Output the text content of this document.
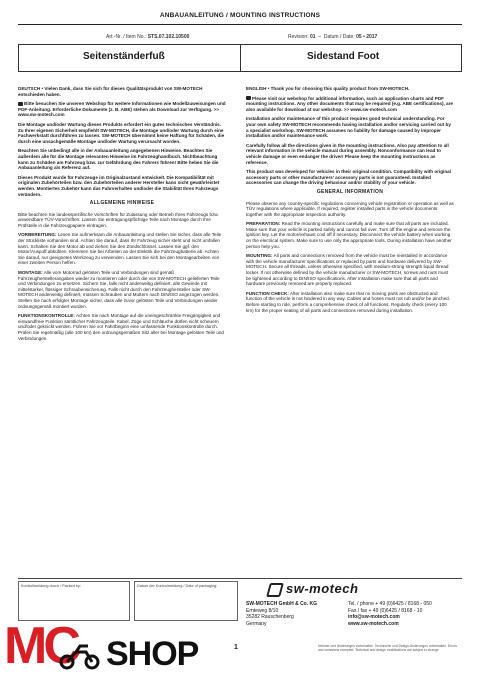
ANBAUANLEITUNG / MOUNTING INSTRUCTIONS
Art.-Nr. / Item No.: STS.07.102.10500	Revision: 01  –  Datum / Date: 05 • 2017
Seitenständerfuß	Sidestand Foot

DEUTSCH • Vielen Dank, dass Sie sich für dieses Qualitätsprodukt von SW-MOTECH entschieden haben.

Bitte besuchen Sie unseren Webshop für weitere Informationen wie Modellzuweisungen und PDF-Anleitung. Erforderliche Dokumente (z. B. ABE) stehen als Download zur Verfügung. >> www.sw-motech.com

Die Montage und/oder Wartung dieses Produkts erfordert ein gutes technisches Verständnis. Zu Ihrer eigenen Sicherheit empfiehlt SW-MOTECH, die Montage und/oder Wartung durch eine Fachwerkstatt durchführen zu lassen. SW-MOTECH übernimmt keine Haftung für Schäden, die durch eine unsachgemäße Montage und/oder Wartung verursacht worden.

Beachten Sie unbedingt alle in der Anbauanleitung angegebenen Hinweise. Beachten Sie außerdem alle für die Montage relevanten Hinweise im Fahrzeughandbuch. Nichtbeachtung kann zu Schäden am Fahrzeug bzw. zur Gefährdung des Fahrers führen! Bitte heben Sie die Anbauanleitung als Referenz auf.

Dieses Produkt wurde für Fahrzeuge im Originalzustand entwickelt. Die Kompatibilität mit originalen Zubehörteilen bzw. den Zubehörteilen anderer Hersteller kann nicht gewährleistet werden. Montiertes Zubehör kann das Fahrverhalten und/oder die Stabilität Ihres Fahrzeugs verändern.

ALLGEMEINE HINWEISE

Bitte beachten Sie landesspezifische Vorschriften für Zulassung oder Betrieb Ihres Fahrzeugs bzw. anwendbare TÜV-Vorschriften. Lassen Sie eintragungspflichtige Teile nach Montage durch Ihre Prüfstelle in die Fahrzeugpapiere eintragen.

VORBEREITUNG: Lesen Sie aufmerksam die Anbauanleitung und stellen Sie sicher, dass alle Teile der Stückliste vorhanden sind. Achten Sie darauf, dass Ihr Fahrzeug sicher steht und nicht umfallen kann. Schalten Sie den Motor ab und ziehen Sie den Zündschlüssel. Lassen Sie ggf. den Motor/Auspuff abkühlen. Klemmen Sie bei Arbeiten an der Elektrik die Fahrzeugbatterie ab. Achten Sie darauf, nur geeignetes Werkzeug zu verwenden. Lassen Sie sich bei den Montagearbeiten von einer zweiten Person helfen.

MONTAGE: Alle vom Motorrad gelösten Teile und Verbindungen sind gemäß Fahrzeugherstellerangaben wieder zu montieren oder durch die von SW-MOTECH gelieferten Teile und Verbindungen zu ersetzen. Sichern Sie, falls nicht anderweitig definiert, alle Gewinde mit mittelstarker, flüssiger Schraubensicherung. Falls nicht durch den Fahrzeughersteller oder SW-MOTECH anderweitig definiert, müssen Schrauben und Muttern nach DIN/ISO angezogen werden. Stellen Sie nach erfolgter Montage sicher, dass alle zuvor gelösten Teile und Verbindungen wieder ordnungsgemäß montiert wurden.

FUNKTIONSKONTROLLE: Achten Sie nach Montage auf die uneingeschränkte Freigängigkeit und einwandfreie Funktion sämtlicher Fahrzeugteile. Kabel, Züge und Schläuche dürfen nicht scheuern und/oder geknickt werden. Führen Sie vor Fahrtbeginn eine umfassende Funktionskontrolle durch. Prüfen Sie regelmäßig (alle 100 km) den ordnungsgemäßen Sitz aller bei Montage gelösten Teile und Verbindungen.

ENGLISH • Thank you for choosing this quality product from SW-MOTECH.

Please visit our webshop for additional information, such as application charts and PDF mounting instructions. Any other documents that may be required (e.g. ABE certifications), are also available for download at our webshop. >> www.sw-motech.com

Installation and/or maintenance of this product requires good technical understanding. For your own safety SW-MOTECH recommends having installation and/or servicing carried out by a specialist workshop. SW-MOTECH assumes no liability for damage caused by improper installation and/or maintenance work.

Carefully follow all the directions given in the mounting instructions. Also pay attention to all relevant information in the vehicle manual during assembly. Nonconformance can lead to vehicle damage or even endanger the driver! Please keep the mounting instructions as reference.

This product was developed for vehicles in their original condition. Compatibility with original accessory parts or other manufacturers' accessory parts is not guaranteed. Installed accessories can change the driving behaviour and/or stability of your vehicle.

GENERAL INFORMATION

Please observe any country-specific regulations concerning vehicle registration or operation as well as TÜV regulations where applicable. If required, register installed parts in the vehicle documents together with the appropriate inspection authority.

PREPARATION: Read the mounting instructions carefully and make sure that all parts are included. Make sure that your vehicle is parked safely and cannot fall over. Turn off the engine and remove the ignition key. Let the motor/exhaust cool off if necessary. Disconnect the vehicle battery when working on the electrical system. Make sure to use only the appropriate tools. During installation have another person help you.

MOUNTING: All parts and connections removed from the vehicle must be reinstalled in accordance with the vehicle manufacturer specifications or replaced by parts and hardware delivered by SW-MOTECH. Secure all threads, unless otherwise specified, with medium-strong strength liquid thread locker. If not otherwise defined by the vehicle manufacturer or SW-MOTECH, screws and nuts must be tightened according to DIN/ISO specifications. After installation make sure that all parts and hardware previously removed are properly replaced.

FUNCTION CHECK: After installation also make sure that no moving parts are obstructed and function of the vehicle is not hindered in any way. Cables and hoses must not rub and/or be pinched. Before starting to ride, perform a comprehensive check of all functions. Regularly check (every 100 km) for the proper seating of all parts and connections removed during installation.

Kontrollmeldung durch / Packed by:	Datum der Kontrolmeldung / Date of packaging:	sw-motech
SW-MOTECH GmbH & Co. KG
Ernteweg 8/10
35282 Rauschenberg
Germany
Tel. / phone + 49 (0)6425 / 8168 - 050
Fax / fax + 49 (0)6425 / 8168 - 10
info@sw-motech.com
www.sw-motech.com
1	Irrtümer und Änderungen vorbehalten. Technische und Design-Änderungen vorbehalten. Errors and omissions excepted. Technical and design modifications are subject to change.
MC SHOP
